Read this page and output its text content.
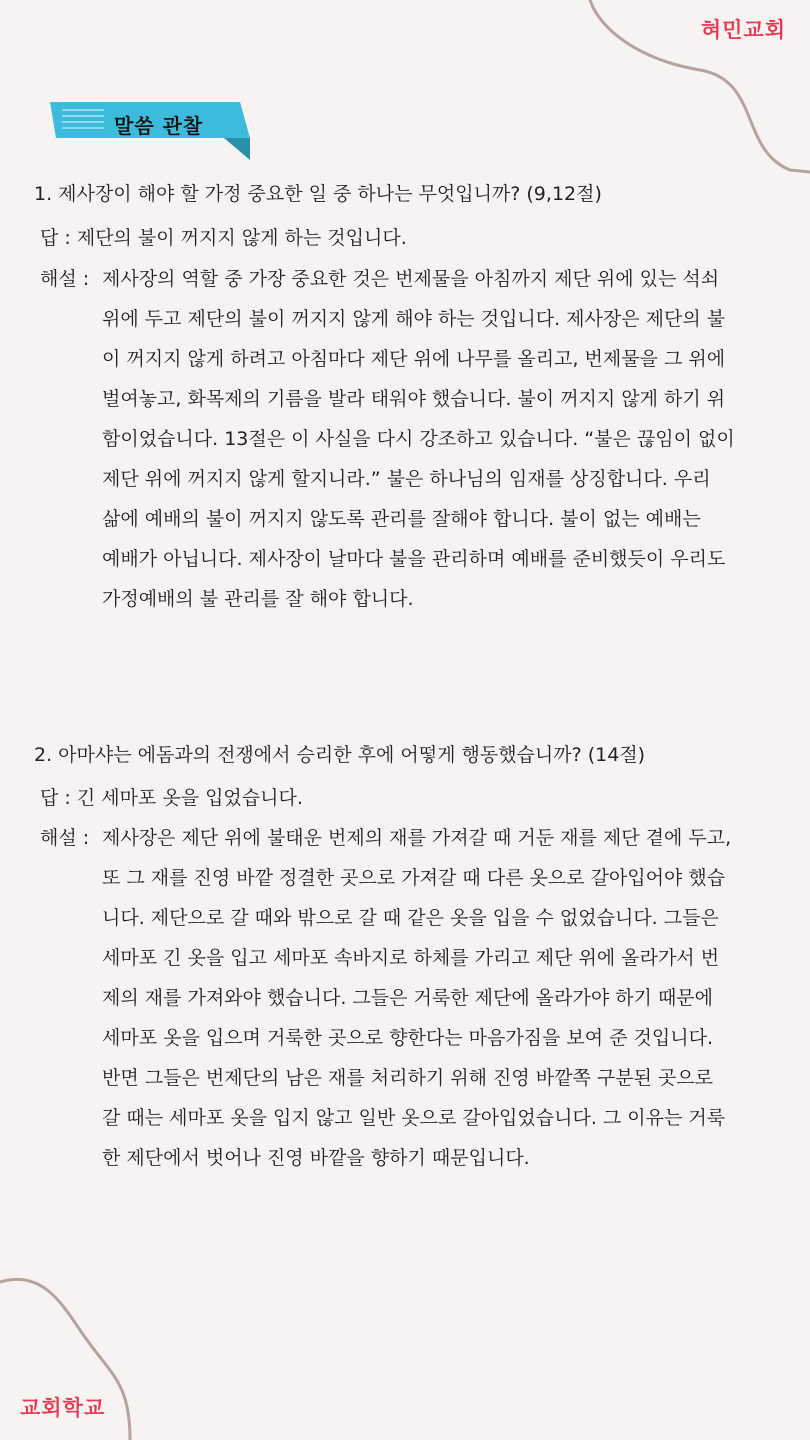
혀민교회
말씀 관찰
1. 제사장이 해야 할 가정 중요한 일 중 하나는 무엇입니까? (9,12절)
답 : 제단의 불이 꺼지지 않게 하는 것입니다.
해설 : 제사장의 역할 중 가장 중요한 것은 번제물을 아침까지 제단 위에 있는 석쇠
위에 두고 제단의 불이 꺼지지 않게 해야 하는 것입니다. 제사장은 제단의 불
이 꺼지지 않게 하려고 아침마다 제단 위에 나무를 올리고, 번제물을 그 위에
벌여놓고, 화목제의 기름을 발라 태워야 했습니다. 불이 꺼지지 않게 하기 위
함이었습니다. 13절은 이 사실을 다시 강조하고 있습니다. “불은 끊임이 없이
제단 위에 꺼지지 않게 할지니라.” 불은 하나님의 임재를 상징합니다. 우리
삶에 예배의 불이 꺼지지 않도록 관리를 잘해야 합니다. 불이 없는 예배는
예배가 아닙니다. 제사장이 날마다 불을 관리하며 예배를 준비했듯이 우리도
가정예배의 불 관리를 잘 해야 합니다.
2. 아마샤는 에돔과의 전쟁에서 승리한 후에 어떻게 행동했습니까? (14절)
답 : 긴 세마포 옷을 입었습니다.
해설 : 제사장은 제단 위에 불태운 번제의 재를 가져갈 때 거둔 재를 제단 곁에 두고,
또 그 재를 진영 바깥 정결한 곳으로 가져갈 때 다른 옷으로 갈아입어야 했습
니다. 제단으로 갈 때와 밖으로 갈 때 같은 옷을 입을 수 없었습니다. 그들은
세마포 긴 옷을 입고 세마포 속바지로 하체를 가리고 제단 위에 올라가서 번
제의 재를 가져와야 했습니다. 그들은 거룩한 제단에 올라가야 하기 때문에
세마포 옷을 입으며 거룩한 곳으로 향한다는 마음가짐을 보여 준 것입니다.
반면 그들은 번제단의 남은 재를 처리하기 위해 진영 바깥쪽 구분된 곳으로
갈 때는 세마포 옷을 입지 않고 일반 옷으로 갈아입었습니다. 그 이유는 거룩
한 제단에서 벗어나 진영 바깥을 향하기 때문입니다.
교회학교
